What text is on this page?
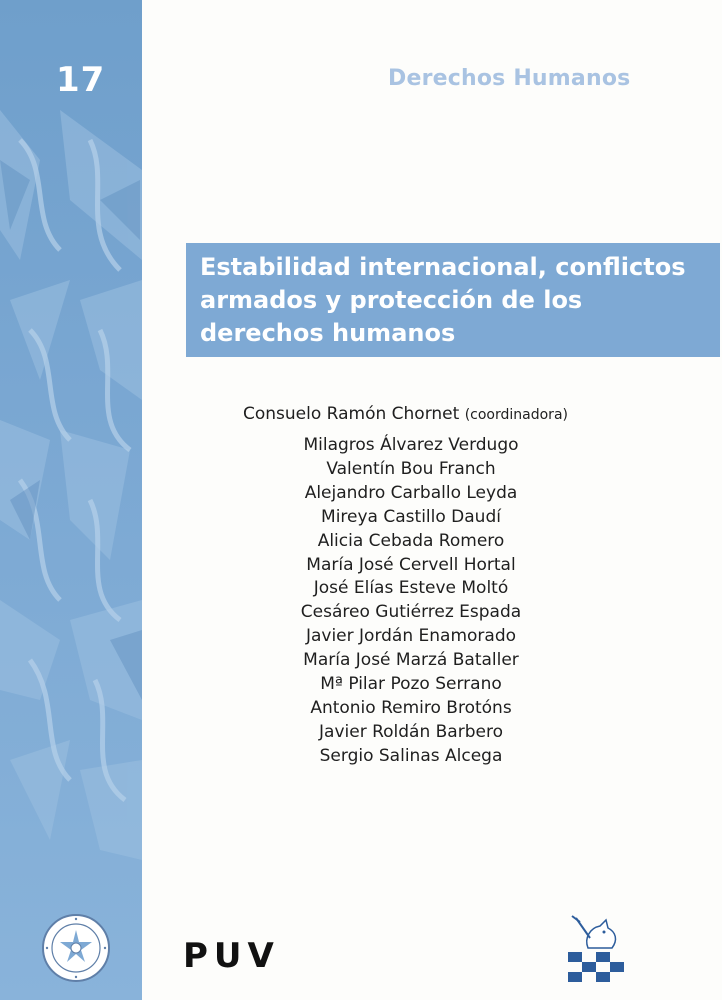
17	Derechos Humanos
Estabilidad internacional, conflictos armados y protección de los derechos humanos
Consuelo Ramón Chornet (coordinadora)
Milagros Álvarez Verdugo
Valentín Bou Franch
Alejandro Carballo Leyda
Mireya Castillo Daudí
Alicia Cebada Romero
María José Cervell Hortal
José Elías Esteve Moltó
Cesáreo Gutiérrez Espada
Javier Jordán Enamorado
María José Marzá Bataller
Mª Pilar Pozo Serrano
Antonio Remiro Brotóns
Javier Roldán Barbero
Sergio Salinas Alcega
PUV
